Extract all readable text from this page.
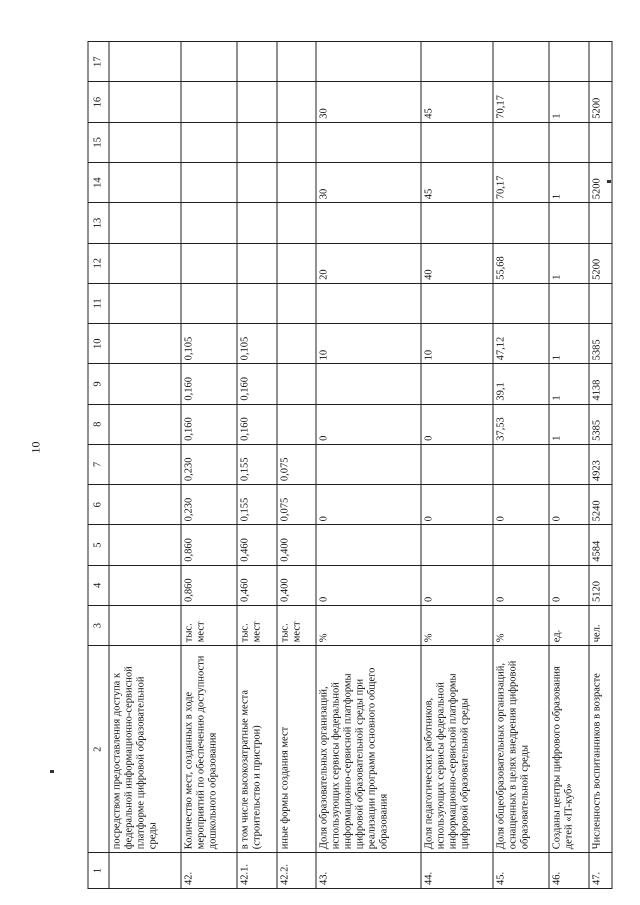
10
1	2	3	4	5	6	7	8	9	10	11	12	13	14	15	16	17
	посредством предоставления доступа к федеральной информационно-сервисной платформе цифровой образовательной среды															
42.	Количество мест, созданных в ходе мероприятий по обеспечению доступности дошкольного образования	тыс. мест	0,860	0,860	0,230	0,230	0,160	0,160	0,105							
42.1.	в том числе высокозатратные места (строительство и пристрои)	тыс. мест	0,460	0,460	0,155	0,155	0,160	0,160	0,105							
42.2.	иные формы создания мест	тыс. мест	0,400	0,400	0,075	0,075										
43.	Доля образовательных организаций, использующих сервисы федеральной информационно-сервисной платформы цифровой образовательной среды при реализации программ основного общего образования	%	0		0		0		10		20		30		30	
44.	Доля педагогических работников, использующих сервисы федеральной информационно-сервисной платформы цифровой образовательной среды	%	0		0		0		10		40		45		45	
45.	Доля общеобразовательных организаций, оснащенных в целях внедрения цифровой образовательной среды	%	0		0		37,53	39,1	47,12		55,68		70,17		70,17	
46.	Созданы центры цифрового образования детей «IT-куб»	ед.	0		0		1	1	1		1		1		1	
47.	Численность воспитанников в возрасте	чел.	5120	4584	5240	4923	5385	4138	5385		5200		5200		5200	
